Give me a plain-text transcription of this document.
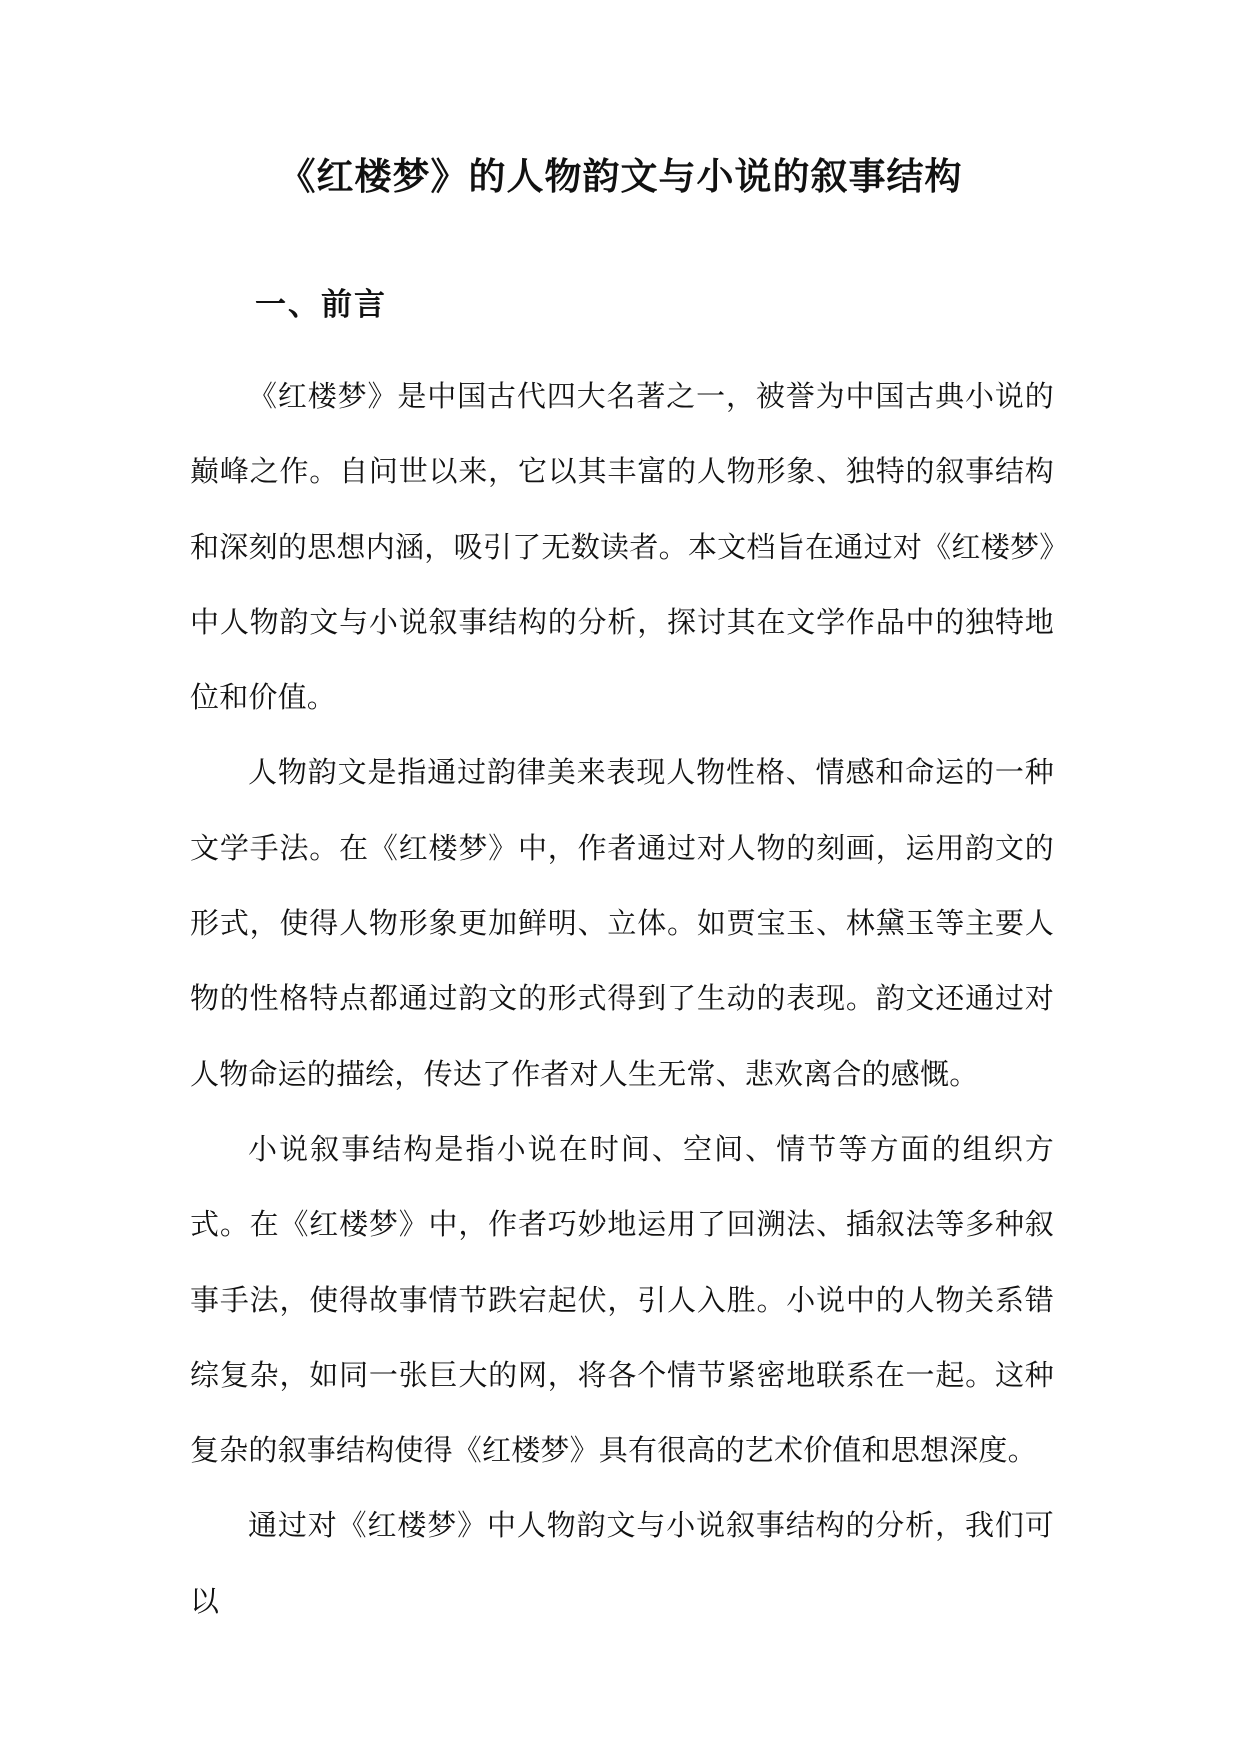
《红楼梦》的人物韵文与小说的叙事结构
一、前言

《红楼梦》是中国古代四大名著之一，被誉为中国古典小说的巅峰之作。自问世以来，它以其丰富的人物形象、独特的叙事结构和深刻的思想内涵，吸引了无数读者。本文档旨在通过对《红楼梦》中人物韵文与小说叙事结构的分析，探讨其在文学作品中的独特地位和价值。

人物韵文是指通过韵律美来表现人物性格、情感和命运的一种文学手法。在《红楼梦》中，作者通过对人物的刻画，运用韵文的形式，使得人物形象更加鲜明、立体。如贾宝玉、林黛玉等主要人物的性格特点都通过韵文的形式得到了生动的表现。韵文还通过对人物命运的描绘，传达了作者对人生无常、悲欢离合的感慨。

小说叙事结构是指小说在时间、空间、情节等方面的组织方式。在《红楼梦》中，作者巧妙地运用了回溯法、插叙法等多种叙事手法，使得故事情节跌宕起伏，引人入胜。小说中的人物关系错综复杂，如同一张巨大的网，将各个情节紧密地联系在一起。这种复杂的叙事结构使得《红楼梦》具有很高的艺术价值和思想深度。

通过对《红楼梦》中人物韵文与小说叙事结构的分析，我们可以
